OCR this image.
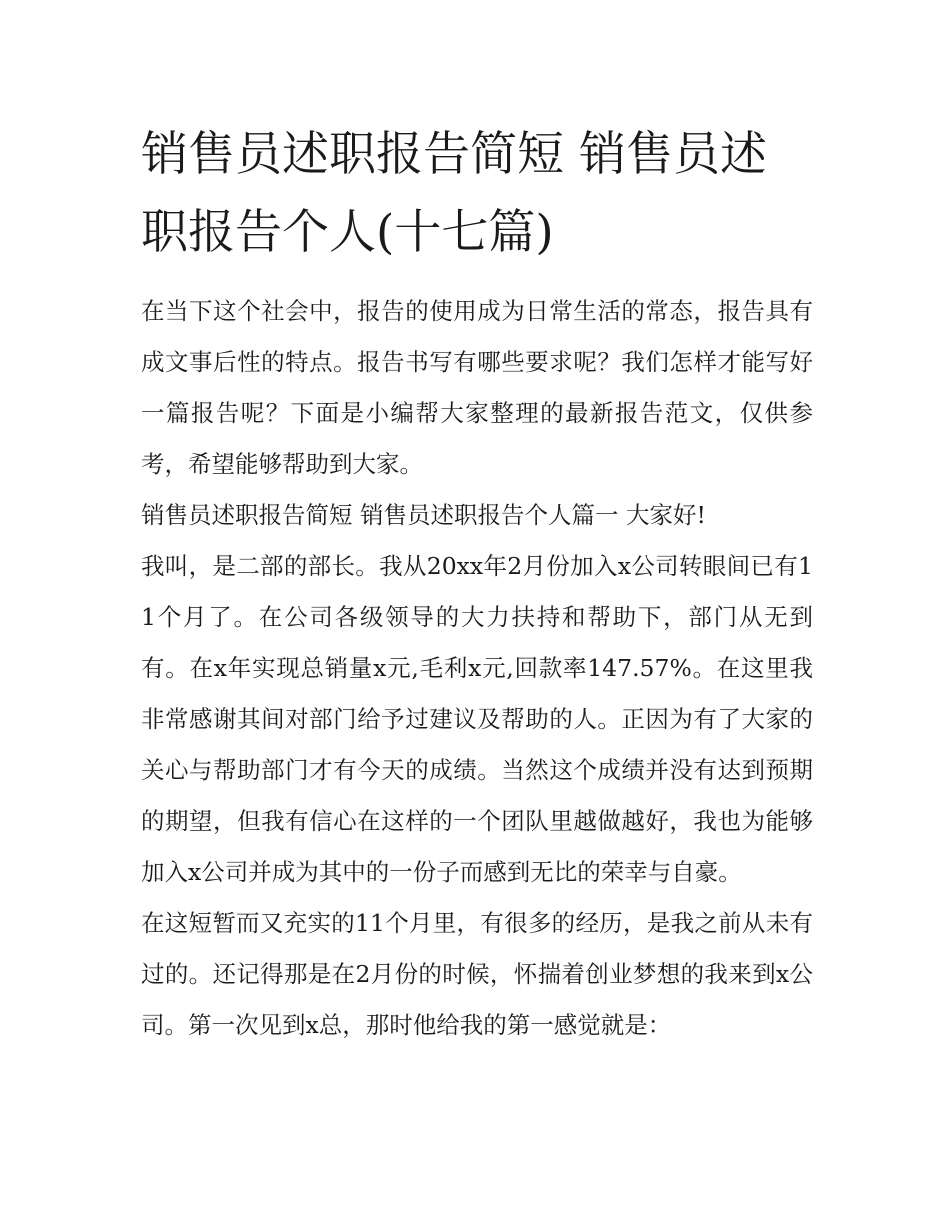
销售员述职报告简短 销售员述职报告个人(十七篇)

在当下这个社会中，报告的使用成为日常生活的常态，报告具有成文事后性的特点。报告书写有哪些要求呢？我们怎样才能写好一篇报告呢？下面是小编帮大家整理的最新报告范文，仅供参考，希望能够帮助到大家。

销售员述职报告简短 销售员述职报告个人篇一 大家好!

我叫，是二部的部长。我从20xx年2月份加入x公司转眼间已有11个月了。在公司各级领导的大力扶持和帮助下，部门从无到有。在x年实现总销量x元,毛利x元,回款率147.57%。在这里我非常感谢其间对部门给予过建议及帮助的人。正因为有了大家的关心与帮助部门才有今天的成绩。当然这个成绩并没有达到预期的期望，但我有信心在这样的一个团队里越做越好，我也为能够加入x公司并成为其中的一份子而感到无比的荣幸与自豪。

在这短暂而又充实的11个月里，有很多的经历，是我之前从未有过的。还记得那是在2月份的时候，怀揣着创业梦想的我来到x公司。第一次见到x总，那时他给我的第一感觉就是：
